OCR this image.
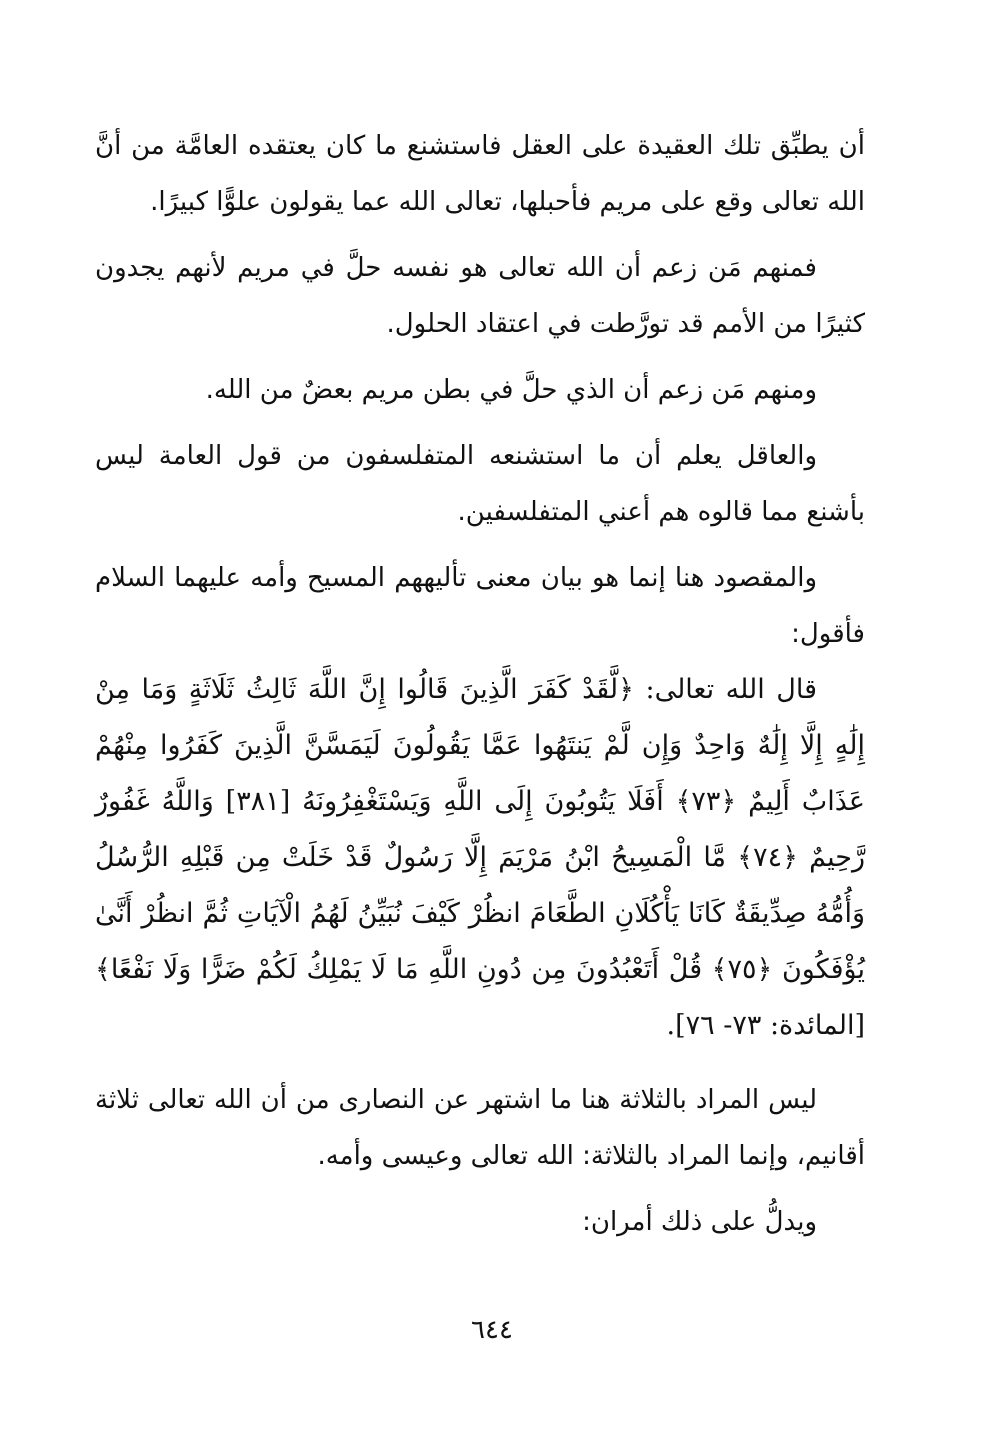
أن يطبِّق تلك العقيدة على العقل فاستشنع ما كان يعتقده العامَّة من أنَّ الله تعالى وقع على مريم فأحبلها، تعالى الله عما يقولون علوًّا كبيرًا.

فمنهم مَن زعم أن الله تعالى هو نفسه حلَّ في مريم لأنهم يجدون كثيرًا من الأمم قد تورَّطت في اعتقاد الحلول.

ومنهم مَن زعم أن الذي حلَّ في بطن مريم بعضٌ من الله.

والعاقل يعلم أن ما استشنعه المتفلسفون من قول العامة ليس بأشنع مما قالوه هم أعني المتفلسفين.

والمقصود هنا إنما هو بيان معنى تأليههم المسيح وأمه عليهما السلام فأقول:

قال الله تعالى: ﴿لَّقَدْ كَفَرَ الَّذِينَ قَالُوا إِنَّ اللَّهَ ثَالِثُ ثَلَاثَةٍ وَمَا مِنْ إِلَٰهٍ إِلَّا إِلَٰهٌ وَاحِدٌ وَإِن لَّمْ يَنتَهُوا عَمَّا يَقُولُونَ لَيَمَسَّنَّ الَّذِينَ كَفَرُوا مِنْهُمْ عَذَابٌ أَلِيمٌ ﴿٧٣﴾ أَفَلَا يَتُوبُونَ إِلَى اللَّهِ وَيَسْتَغْفِرُونَهُ [٣٨١] وَاللَّهُ غَفُورٌ رَّحِيمٌ ﴿٧٤﴾ مَّا الْمَسِيحُ ابْنُ مَرْيَمَ إِلَّا رَسُولٌ قَدْ خَلَتْ مِن قَبْلِهِ الرُّسُلُ وَأُمُّهُ صِدِّيقَةٌ كَانَا يَأْكُلَانِ الطَّعَامَ انظُرْ كَيْفَ نُبَيِّنُ لَهُمُ الْآيَاتِ ثُمَّ انظُرْ أَنَّىٰ يُؤْفَكُونَ ﴿٧٥﴾ قُلْ أَتَعْبُدُونَ مِن دُونِ اللَّهِ مَا لَا يَمْلِكُ لَكُمْ ضَرًّا وَلَا نَفْعًا﴾ [المائدة: ٧٣- ٧٦].

ليس المراد بالثلاثة هنا ما اشتهر عن النصارى من أن الله تعالى ثلاثة أقانيم، وإنما المراد بالثلاثة: الله تعالى وعيسى وأمه.

ويدلُّ على ذلك أمران:

٦٤٤
